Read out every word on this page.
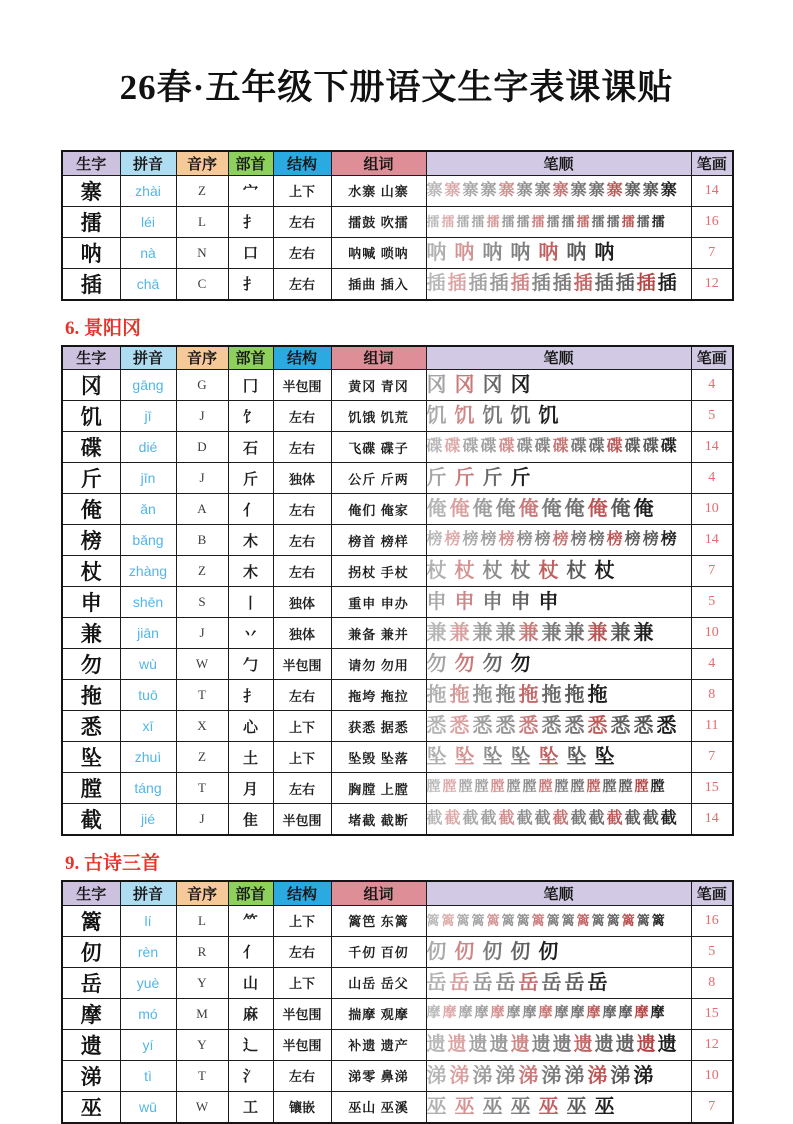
26春·五年级下册语文生字表课课贴
生字	拼音	音序	部首	结构	组词	笔顺	笔画
寨	zhài	Z	宀	上下	水寨 山寨	寨 寨 寨 寨 寨 寨 寨 寨 寨 寨 寨 寨 寨 寨	14
擂	léi	L	扌	左右	擂鼓 吹擂	擂 擂 擂 擂 擂 擂 擂 擂 擂 擂 擂 擂 擂 擂 擂 擂	16
呐	nà	N	口	左右	呐喊 唢呐	呐 呐 呐 呐 呐 呐 呐	7
插	chā	C	扌	左右	插曲 插入	插 插 插 插 插 插 插 插 插 插 插 插	12
6. 景阳冈
生字	拼音	音序	部首	结构	组词	笔顺	笔画
冈	gāng	G	冂	半包围	黄冈 青冈	冈 冈 冈 冈	4
饥	jī	J	饣	左右	饥饿 饥荒	饥 饥 饥 饥 饥	5
碟	dié	D	石	左右	飞碟 碟子	碟 碟 碟 碟 碟 碟 碟 碟 碟 碟 碟 碟 碟 碟	14
斤	jīn	J	斤	独体	公斤 斤两	斤 斤 斤 斤	4
俺	ǎn	A	亻	左右	俺们 俺家	俺 俺 俺 俺 俺 俺 俺 俺 俺 俺	10
榜	bǎng	B	木	左右	榜首 榜样	榜 榜 榜 榜 榜 榜 榜 榜 榜 榜 榜 榜 榜 榜	14
杖	zhàng	Z	木	左右	拐杖 手杖	杖 杖 杖 杖 杖 杖 杖	7
申	shēn	S	丨	独体	重申 申办	申 申 申 申 申	5
兼	jiān	J	丷	独体	兼备 兼并	兼 兼 兼 兼 兼 兼 兼 兼 兼 兼	10
勿	wù	W	勹	半包围	请勿 勿用	勿 勿 勿 勿	4
拖	tuō	T	扌	左右	拖垮 拖拉	拖 拖 拖 拖 拖 拖 拖 拖	8
悉	xī	X	心	上下	获悉 据悉	悉 悉 悉 悉 悉 悉 悉 悉 悉 悉 悉	11
坠	zhuì	Z	土	上下	坠毁 坠落	坠 坠 坠 坠 坠 坠 坠	7
膛	táng	T	月	左右	胸膛 上膛	膛 膛 膛 膛 膛 膛 膛 膛 膛 膛 膛 膛 膛 膛 膛	15
截	jié	J	隹	半包围	堵截 截断	截 截 截 截 截 截 截 截 截 截 截 截 截 截	14
9. 古诗三首
生字	拼音	音序	部首	结构	组词	笔顺	笔画
篱	lí	L	⺮	上下	篱笆 东篱	篱 篱 篱 篱 篱 篱 篱 篱 篱 篱 篱 篱 篱 篱 篱 篱	16
仞	rèn	R	亻	左右	千仞 百仞	仞 仞 仞 仞 仞	5
岳	yuè	Y	山	上下	山岳 岳父	岳 岳 岳 岳 岳 岳 岳 岳	8
摩	mó	M	麻	半包围	揣摩 观摩	摩 摩 摩 摩 摩 摩 摩 摩 摩 摩 摩 摩 摩 摩 摩	15
遗	yí	Y	辶	半包围	补遗 遗产	遗 遗 遗 遗 遗 遗 遗 遗 遗 遗 遗 遗	12
涕	tì	T	氵	左右	涕零 鼻涕	涕 涕 涕 涕 涕 涕 涕 涕 涕 涕	10
巫	wū	W	工	镶嵌	巫山 巫溪	巫 巫 巫 巫 巫 巫 巫	7
